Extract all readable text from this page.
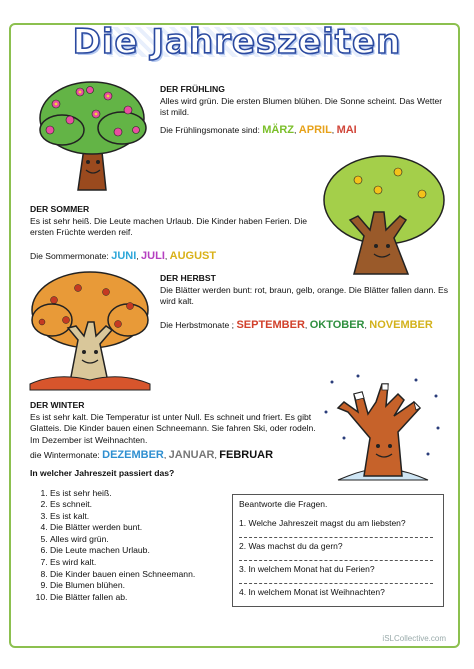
Die Jahreszeiten
DER FRÜHLING
Alles wird grün. Die ersten Blumen blühen. Die Sonne scheint. Das Wetter ist mild.
Die Frühlingsmonate sind: MÄRZ, APRIL, MAI
DER SOMMER
Es ist sehr heiß. Die Leute machen Urlaub. Die Kinder haben Ferien. Die ersten Früchte werden reif.
Die Sommermonate: JUNI, JULI, AUGUST
DER HERBST
Die Blätter werden bunt: rot, braun, gelb, orange. Die Blätter fallen dann. Es wird kalt.
Die Herbstmonate ; SEPTEMBER, OKTOBER, NOVEMBER
DER WINTER
Es ist sehr kalt. Die Temperatur ist unter Null. Es schneit und friert. Es gibt Glatteis. Die Kinder bauen einen Schneemann. Sie fahren Ski, oder rodeln. Im Dezember ist Weihnachten.
die Wintermonate: DEZEMBER, JANUAR, FEBRUAR
In welcher Jahreszeit passiert das?
1. Es ist sehr heiß.
2. Es schneit.
3. Es ist kalt.
4. Die Blätter werden bunt.
5. Alles wird grün.
6. Die Leute machen Urlaub.
7. Es wird kalt.
8. Die Kinder bauen einen Schneemann.
9. Die Blumen blühen.
10. Die Blätter fallen ab.
Beantworte die Fragen.
1. Welche Jahreszeit magst du am liebsten?
2. Was machst du da gern?
3. In welchem Monat hat du Ferien?
4. In welchem Monat ist Weihnachten?
iSLCollective.com
